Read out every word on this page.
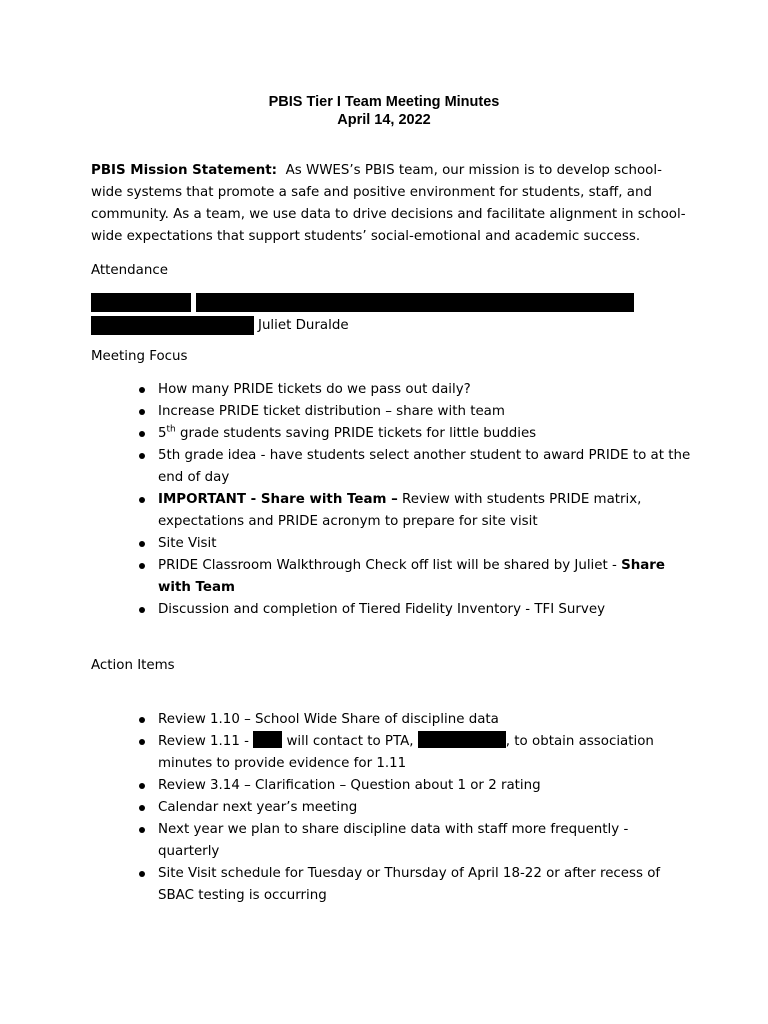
PBIS Tier I Team Meeting Minutes
April 14, 2022
PBIS Mission Statement: As WWES’s PBIS team, our mission is to develop school-wide systems that promote a safe and positive environment for students, staff, and community. As a team, we use data to drive decisions and facilitate alignment in school-wide expectations that support students’ social-emotional and academic success.
Attendance
Juliet Duralde
Meeting Focus
How many PRIDE tickets do we pass out daily?
Increase PRIDE ticket distribution – share with team
5th grade students saving PRIDE tickets for little buddies
5th grade idea - have students select another student to award PRIDE to at the end of day
IMPORTANT - Share with Team – Review with students PRIDE matrix, expectations and PRIDE acronym to prepare for site visit
Site Visit
PRIDE Classroom Walkthrough Check off list will be shared by Juliet - Share with Team
Discussion and completion of Tiered Fidelity Inventory - TFI Survey
Action Items
Review 1.10 – School Wide Share of discipline data
Review 1.11 -  will contact to PTA,	, to obtain association minutes to provide evidence for 1.11
Review 3.14 – Clarification – Question about 1 or 2 rating
Calendar next year’s meeting
Next year we plan to share discipline data with staff more frequently - quarterly
Site Visit schedule for Tuesday or Thursday of April 18-22 or after recess of SBAC testing is occurring
